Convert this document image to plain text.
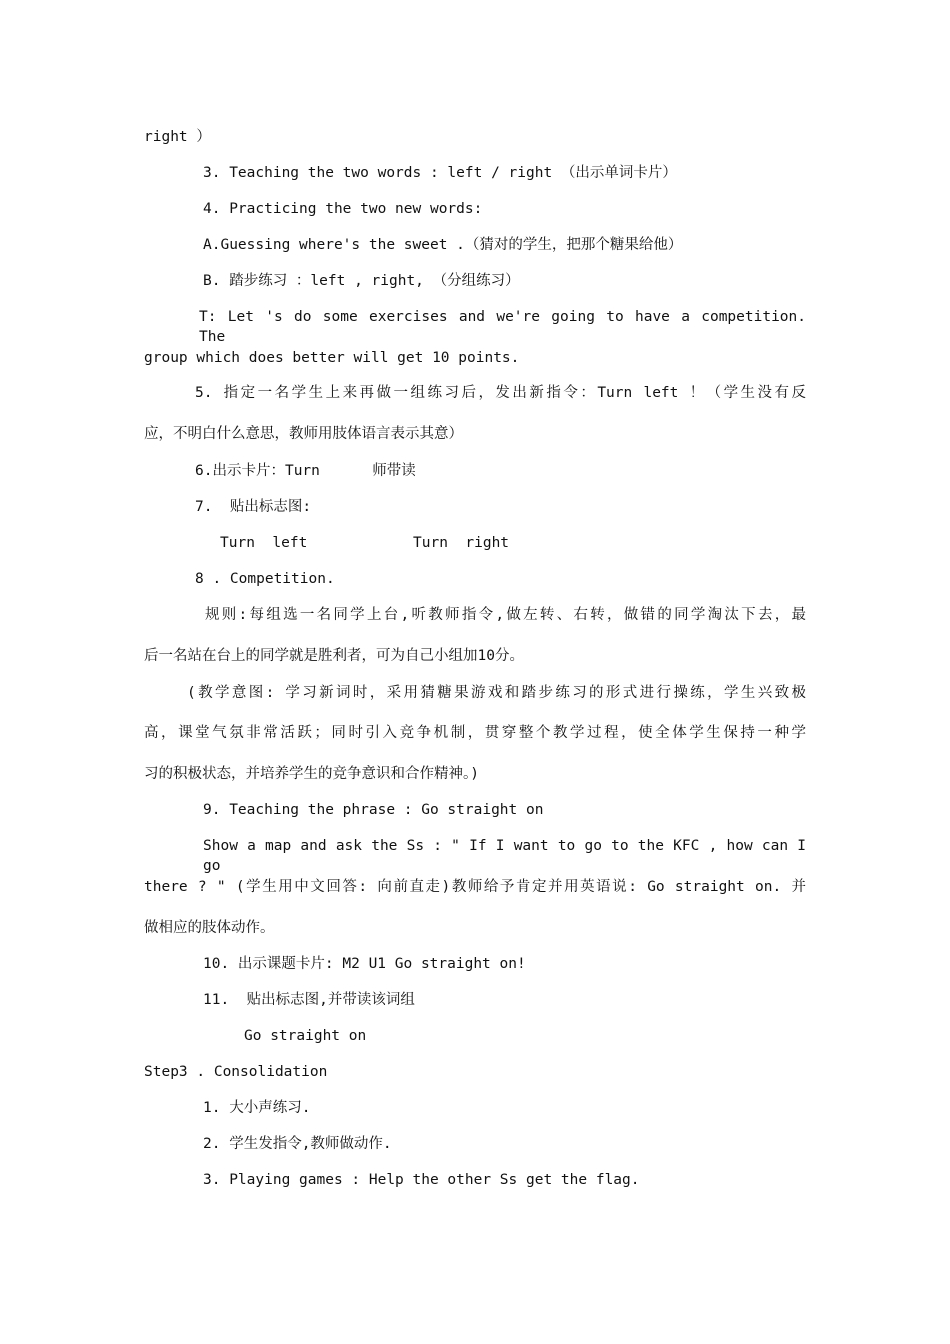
right ）
3. Teaching the two words : left / right （出示单词卡片）
4. Practicing the two new words:
A.Guessing where's the sweet .（猜对的学生，把那个糖果给他）
B. 踏步练习 ：left , right, （分组练习）
T: Let 's do some exercises and we're going to have a competition. The
group which does better will get 10 points.
5. 指定一名学生上来再做一组练习后，发出新指令：Turn left ！（学生没有反
应，不明白什么意思，教师用肢体语言表示其意）
6.出示卡片：Turn      师带读
7.  贴出标志图:
Turn  left	Turn  right
8 . Competition.
规则:每组选一名同学上台,听教师指令,做左转、右转，做错的同学淘汰下去，最
后一名站在台上的同学就是胜利者，可为自己小组加10分。
(教学意图: 学习新词时，采用猜糖果游戏和踏步练习的形式进行操练，学生兴致极
高，课堂气氛非常活跃；同时引入竞争机制，贯穿整个教学过程，使全体学生保持一种学
习的积极状态，并培养学生的竞争意识和合作精神。)
9. Teaching the phrase : Go straight on
Show a map and ask the Ss : " If I want to go to the KFC , how can I go
there ? " (学生用中文回答: 向前直走)教师给予肯定并用英语说: Go straight on. 并
做相应的肢体动作。
10. 出示课题卡片: M2 U1 Go straight on!
11.  贴出标志图,并带读该词组
Go straight on
Step3 . Consolidation
1. 大小声练习.
2. 学生发指令,教师做动作.
3. Playing games : Help the other Ss get the flag.
